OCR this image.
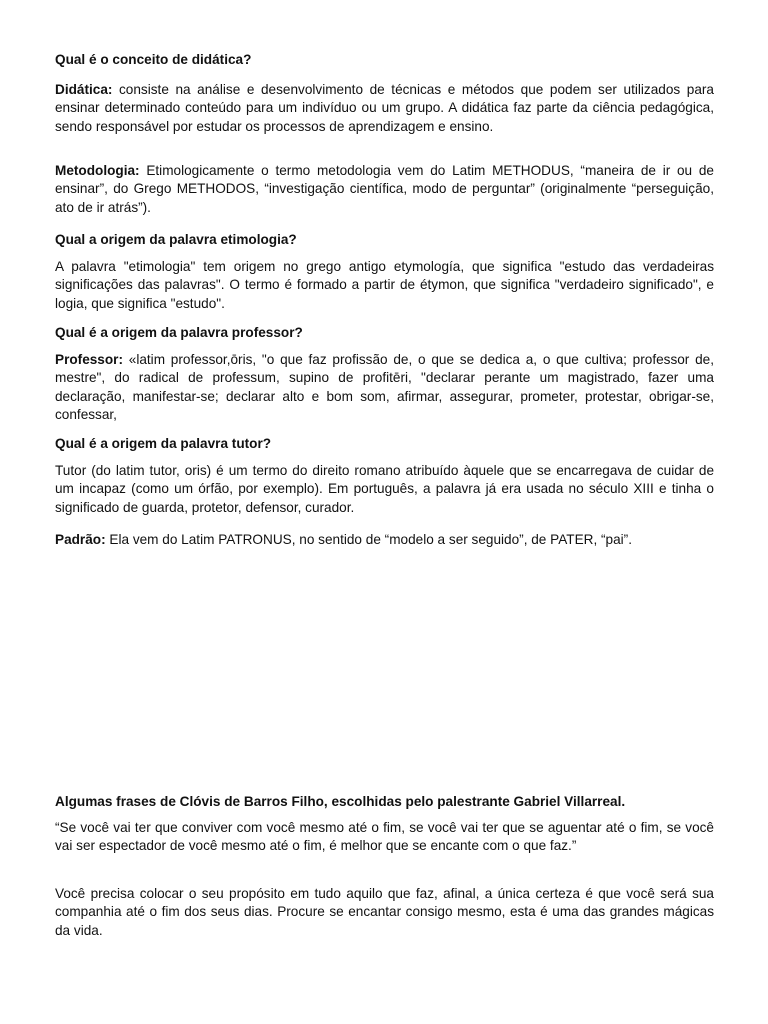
Qual é o conceito de didática?

Didática: consiste na análise e desenvolvimento de técnicas e métodos que podem ser utilizados para ensinar determinado conteúdo para um indivíduo ou um grupo. A didática faz parte da ciência pedagógica, sendo responsável por estudar os processos de aprendizagem e ensino.

Metodologia: Etimologicamente o termo metodologia vem do Latim METHODUS, “maneira de ir ou de ensinar”, do Grego METHODOS, “investigação científica, modo de perguntar” (originalmente “perseguição, ato de ir atrás”).

Qual a origem da palavra etimologia?

A palavra "etimologia" tem origem no grego antigo etymología, que significa "estudo das verdadeiras significações das palavras". O termo é formado a partir de étymon, que significa "verdadeiro significado", e logia, que significa "estudo".

Qual é a origem da palavra professor?

Professor: «latim professor,ōris, "o que faz profissão de, o que se dedica a, o que cultiva; professor de, mestre", do radical de professum, supino de profitēri, "declarar perante um magistrado, fazer uma declaração, manifestar-se; declarar alto e bom som, afirmar, assegurar, prometer, protestar, obrigar-se, confessar,

Qual é a origem da palavra tutor?

Tutor (do latim tutor, oris) é um termo do direito romano atribuído àquele que se encarregava de cuidar de um incapaz (como um órfão, por exemplo). Em português, a palavra já era usada no século XIII e tinha o significado de guarda, protetor, defensor, curador.

Padrão: Ela vem do Latim PATRONUS, no sentido de “modelo a ser seguido”, de PATER, “pai”.

Algumas frases de Clóvis de Barros Filho, escolhidas pelo palestrante Gabriel Villarreal.

“Se você vai ter que conviver com você mesmo até o fim, se você vai ter que se aguentar até o fim, se você vai ser espectador de você mesmo até o fim, é melhor que se encante com o que faz.”

Você precisa colocar o seu propósito em tudo aquilo que faz, afinal, a única certeza é que você será sua companhia até o fim dos seus dias. Procure se encantar consigo mesmo, esta é uma das grandes mágicas da vida.
